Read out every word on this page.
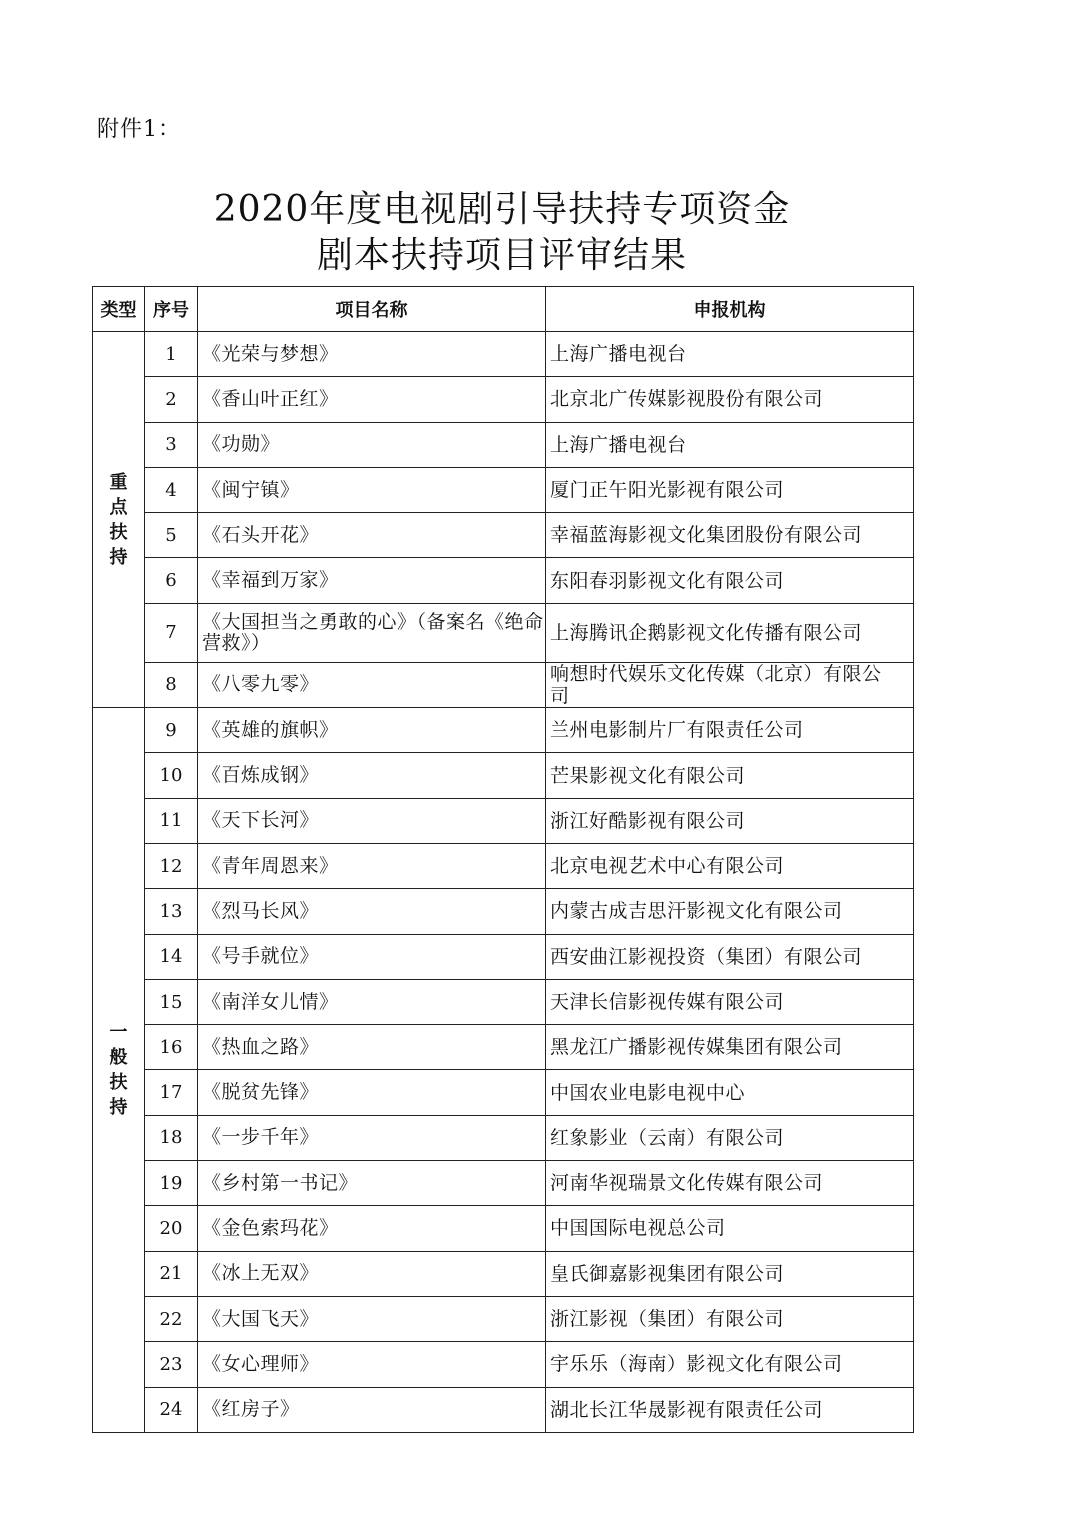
附件1：
2020年度电视剧引导扶持专项资金
剧本扶持项目评审结果
类型	序号	项目名称	申报机构
重点扶持	1	《光荣与梦想》	上海广播电视台
	2	《香山叶正红》	北京北广传媒影视股份有限公司
	3	《功勋》	上海广播电视台
	4	《闽宁镇》	厦门正午阳光影视有限公司
	5	《石头开花》	幸福蓝海影视文化集团股份有限公司
	6	《幸福到万家》	东阳春羽影视文化有限公司
	7	《大国担当之勇敢的心》（备案名《绝命营救》）	上海腾讯企鹅影视文化传播有限公司
	8	《八零九零》	响想时代娱乐文化传媒（北京）有限公司
一般扶持	9	《英雄的旗帜》	兰州电影制片厂有限责任公司
	10	《百炼成钢》	芒果影视文化有限公司
	11	《天下长河》	浙江好酷影视有限公司
	12	《青年周恩来》	北京电视艺术中心有限公司
	13	《烈马长风》	内蒙古成吉思汗影视文化有限公司
	14	《号手就位》	西安曲江影视投资（集团）有限公司
	15	《南洋女儿情》	天津长信影视传媒有限公司
	16	《热血之路》	黑龙江广播影视传媒集团有限公司
	17	《脱贫先锋》	中国农业电影电视中心
	18	《一步千年》	红象影业（云南）有限公司
	19	《乡村第一书记》	河南华视瑞景文化传媒有限公司
	20	《金色索玛花》	中国国际电视总公司
	21	《冰上无双》	皇氏御嘉影视集团有限公司
	22	《大国飞天》	浙江影视（集团）有限公司
	23	《女心理师》	宇乐乐（海南）影视文化有限公司
	24	《红房子》	湖北长江华晟影视有限责任公司
